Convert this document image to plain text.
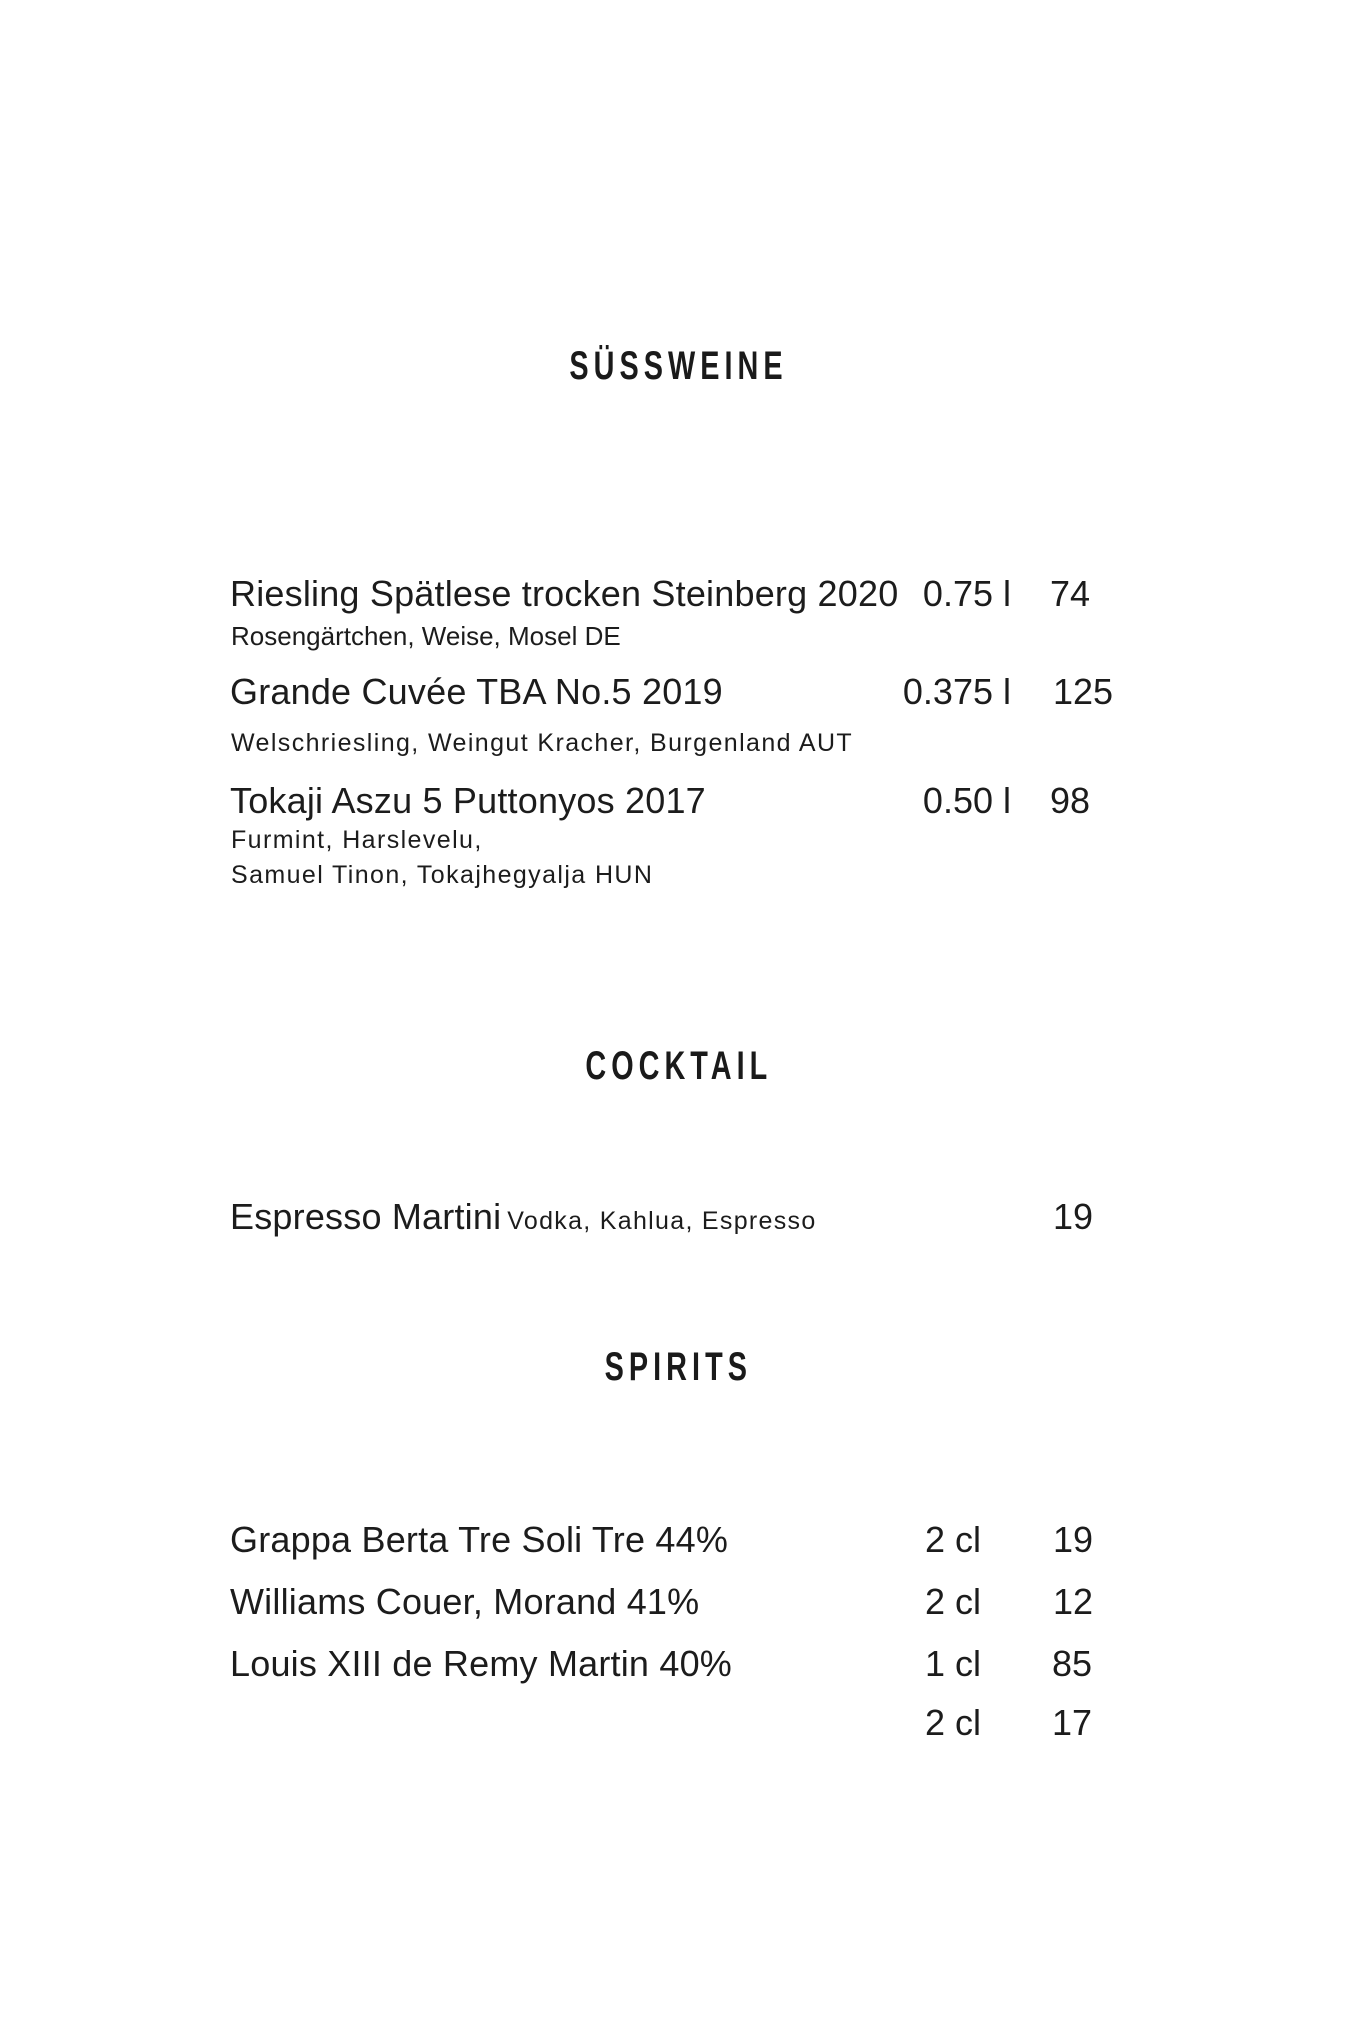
SÜSSWEINE
Riesling Spätlese trocken Steinberg 2020 0.75 l 74
Rosengärtchen, Weise, Mosel DE
Grande Cuvée TBA No.5 2019	0.375 l 125
Welschriesling, Weingut Kracher, Burgenland AUT
Tokaji Aszu 5 Puttonyos 2017	0.50 l 98
Furmint, Harslevelu,
Samuel Tinon, Tokajhegyalja HUN
COCKTAIL
Espresso Martini Vodka, Kahlua, Espresso	19
SPIRITS
Grappa Berta Tre Soli Tre 44%	2 cl 19
Williams Couer, Morand 41%	2 cl 12
Louis XIII de Remy Martin 40%	1 cl 85
2 cl 17
